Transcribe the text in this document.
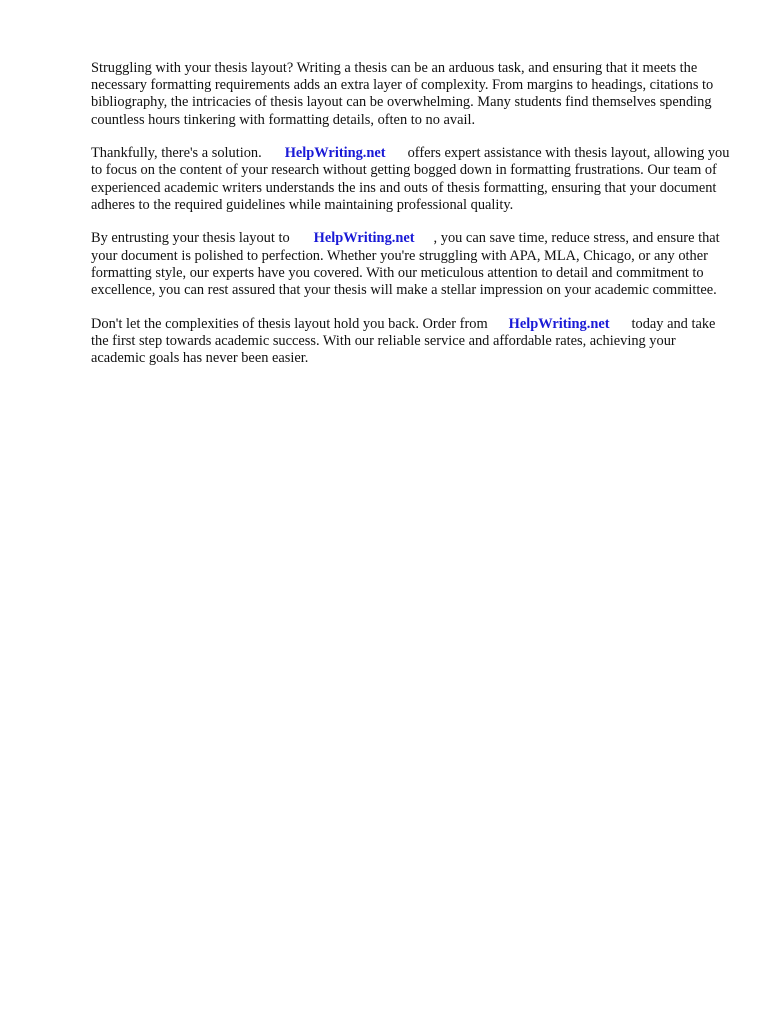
Struggling with your thesis layout? Writing a thesis can be an arduous task, and ensuring that it meets the necessary formatting requirements adds an extra layer of complexity. From margins to headings, citations to bibliography, the intricacies of thesis layout can be overwhelming. Many students find themselves spending countless hours tinkering with formatting details, often to no avail.

Thankfully, there's a solution. HelpWriting.net offers expert assistance with thesis layout, allowing you to focus on the content of your research without getting bogged down in formatting frustrations. Our team of experienced academic writers understands the ins and outs of thesis formatting, ensuring that your document adheres to the required guidelines while maintaining professional quality.

By entrusting your thesis layout to HelpWriting.net , you can save time, reduce stress, and ensure that your document is polished to perfection. Whether you're struggling with APA, MLA, Chicago, or any other formatting style, our experts have you covered. With our meticulous attention to detail and commitment to excellence, you can rest assured that your thesis will make a stellar impression on your academic committee.

Don't let the complexities of thesis layout hold you back. Order from HelpWriting.net today and take the first step towards academic success. With our reliable service and affordable rates, achieving your academic goals has never been easier.
